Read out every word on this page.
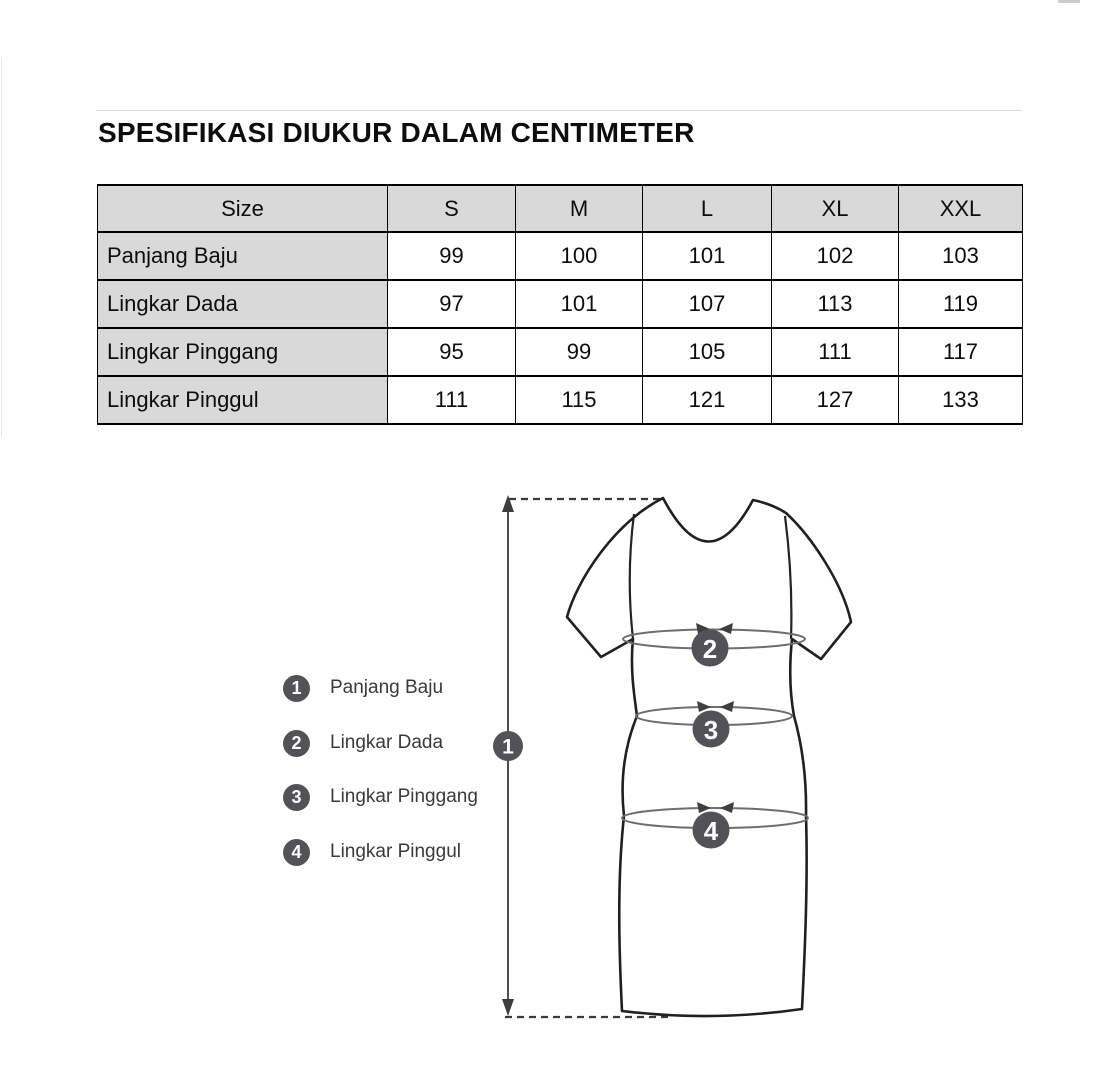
SPESIFIKASI DIUKUR DALAM CENTIMETER
Size	S	M	L	XL	XXL
Panjang Baju	99	100	101	102	103
Lingkar Dada	97	101	107	113	119
Lingkar Pinggang	95	99	105	111	117
Lingkar Pinggul	111	115	121	127	133
1	Panjang Baju
2	Lingkar Dada
3	Lingkar Pinggang
4	Lingkar Pinggul
2
3
4
1
